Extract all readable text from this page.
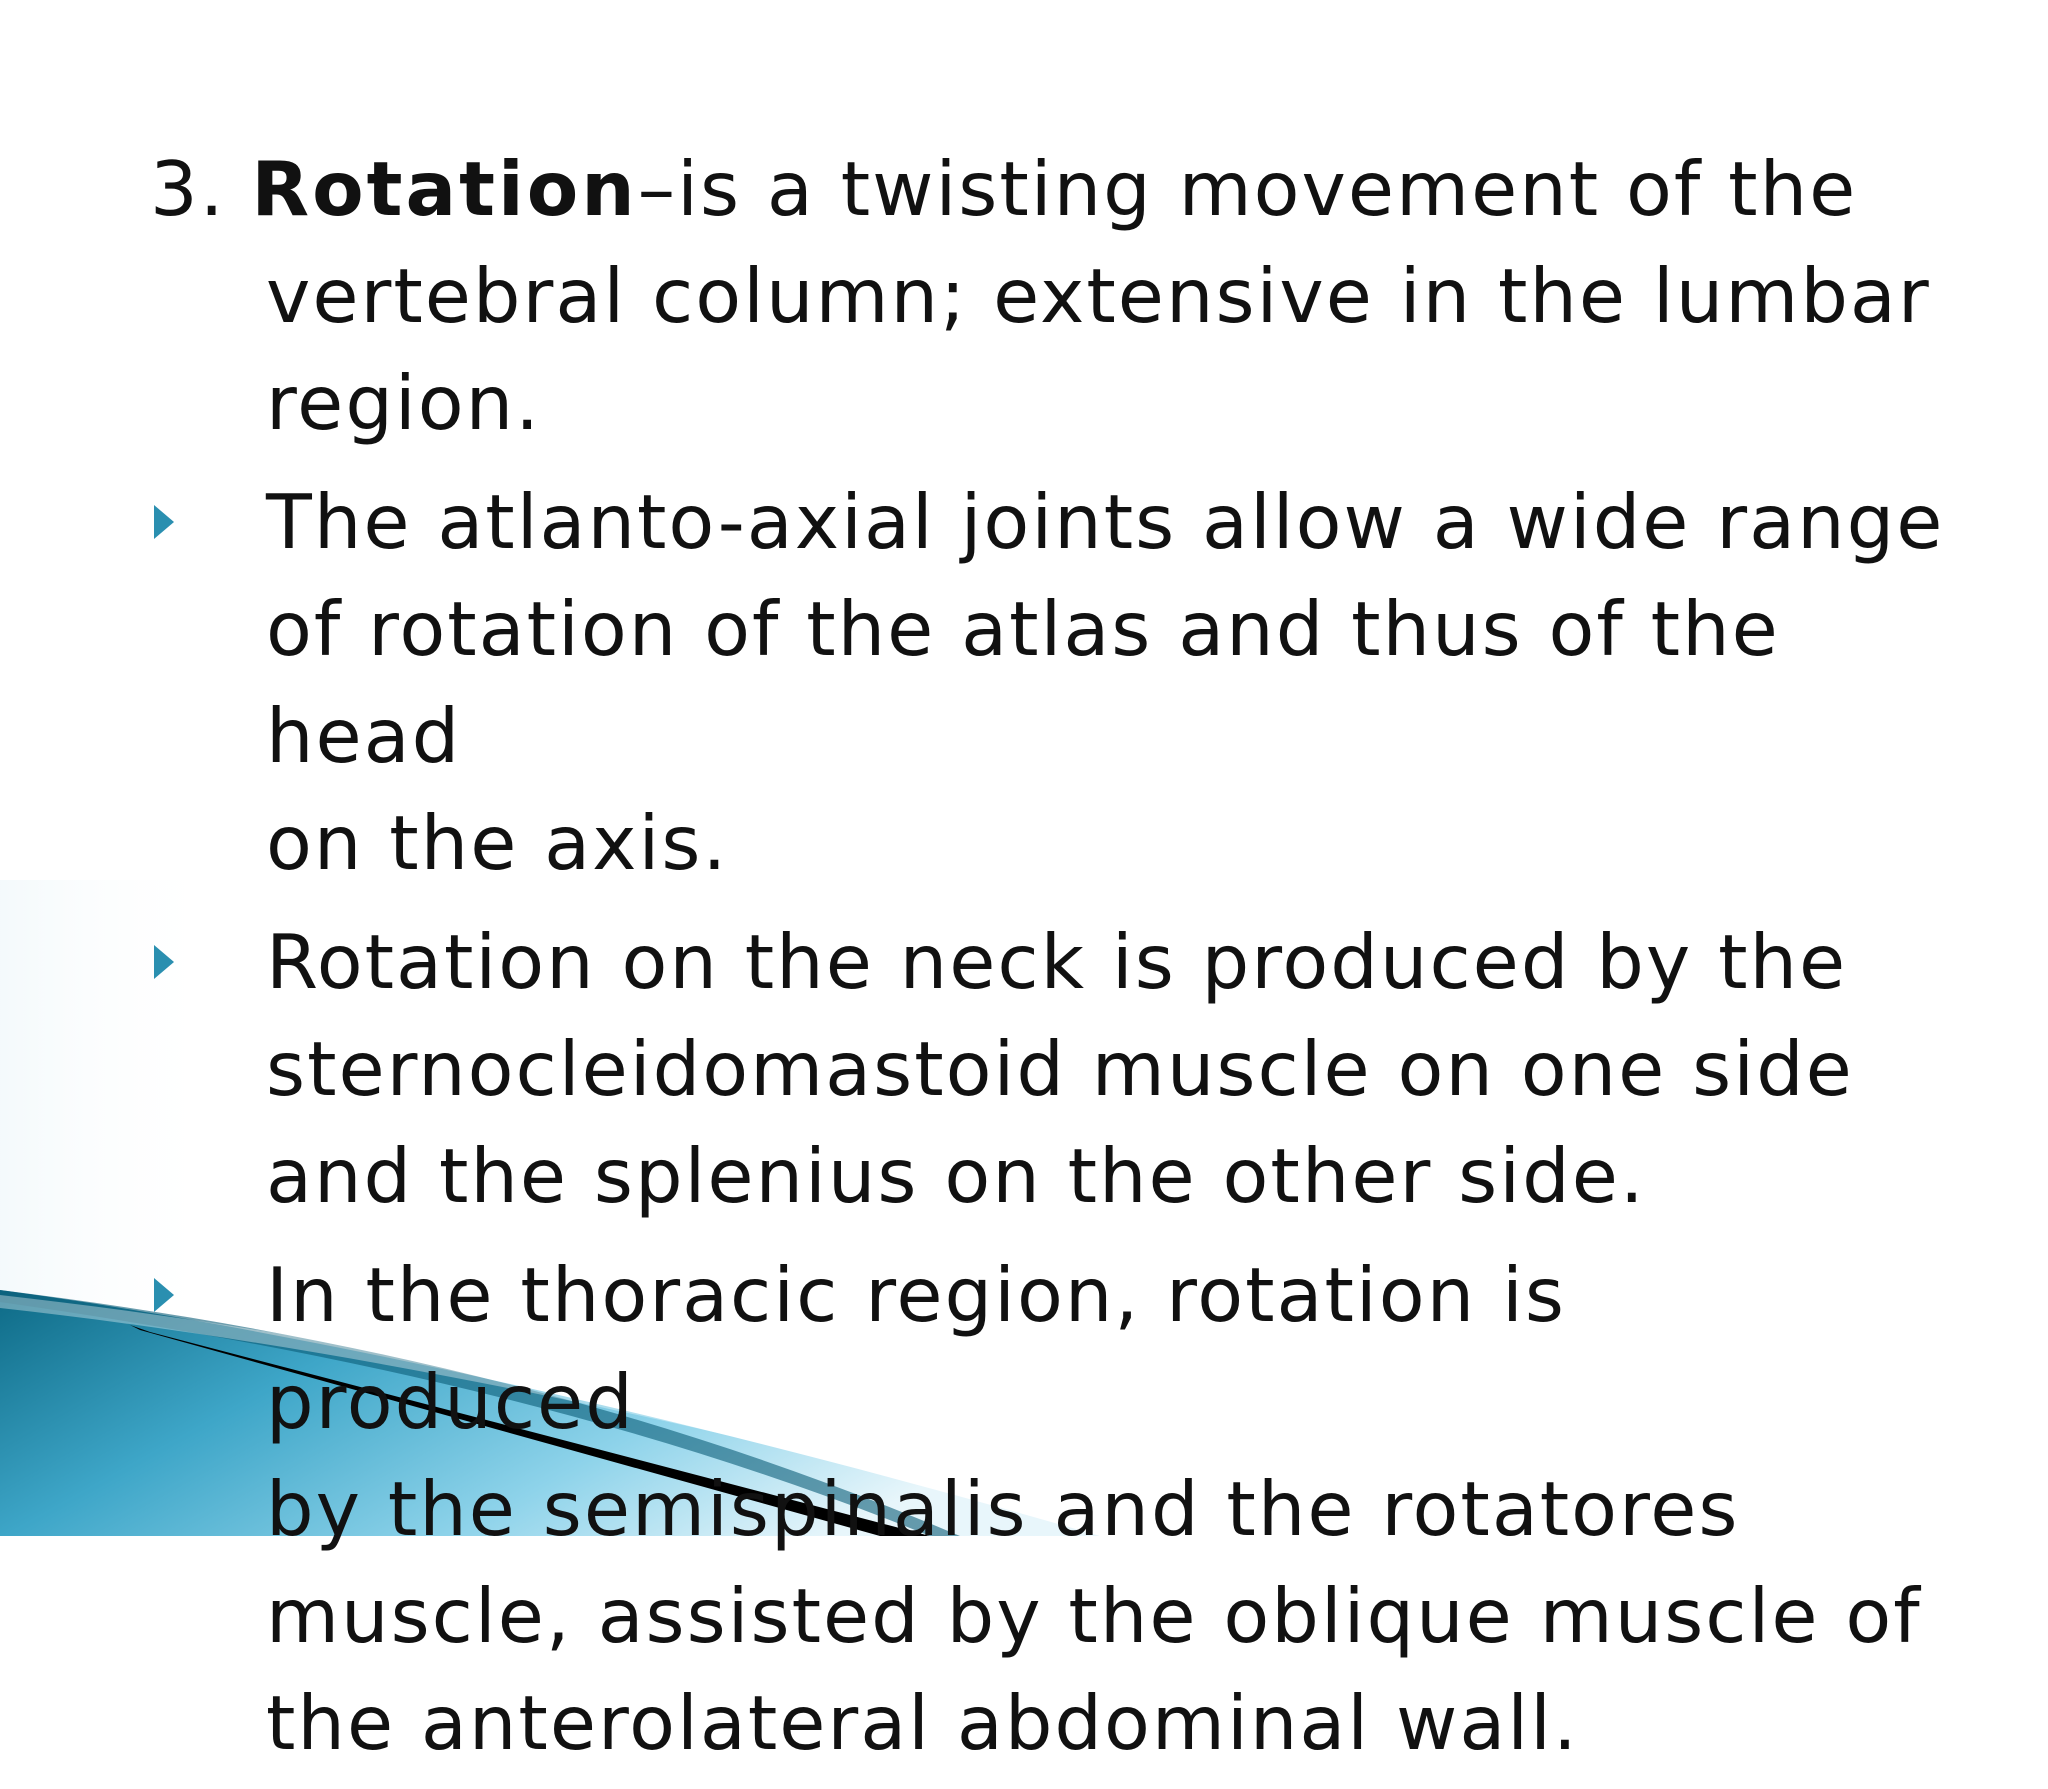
3. Rotation–is a twisting movement of the
vertebral column; extensive in the lumbar
region.
The atlanto-axial joints allow a wide range
of rotation of the atlas and thus of the head
on the axis.
Rotation on the neck is produced by the
sternocleidomastoid muscle on one side
and the splenius on the other side.
In the thoracic region, rotation is produced
by the semispinalis and the rotatores
muscle, assisted by the oblique muscle of
the anterolateral abdominal wall.
